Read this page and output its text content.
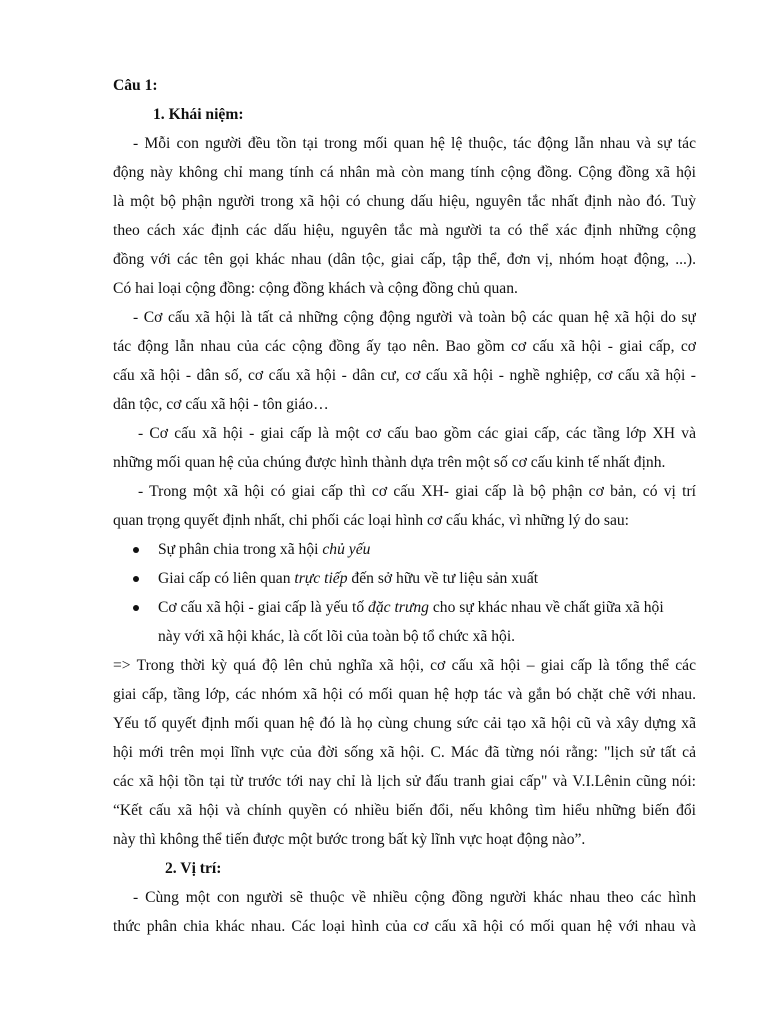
Câu 1:
1. Khái niệm:
- Mỗi con người đều tồn tại trong mối quan hệ lệ thuộc, tác động lẫn nhau và sự tác
động này không chỉ mang tính cá nhân mà còn mang tính cộng đồng. Cộng đồng xã hội
là một bộ phận người trong xã hội có chung dấu hiệu, nguyên tắc nhất định nào đó. Tuỳ
theo cách xác định các dấu hiệu, nguyên tắc mà người ta có thể xác định những cộng
đồng với các tên gọi khác nhau (dân tộc, giai cấp, tập thể, đơn vị, nhóm hoạt động, ...).
Có hai loại cộng đồng: cộng đồng khách và cộng đồng chủ quan.
- Cơ cấu xã hội là tất cả những cộng động người và toàn bộ các quan hệ xã hội do sự
tác động lẫn nhau của các cộng đồng ấy tạo nên. Bao gồm cơ cấu xã hội - giai cấp, cơ
cấu xã hội - dân số, cơ cấu xã hội - dân cư, cơ cấu xã hội - nghề nghiệp, cơ cấu xã hội -
dân tộc, cơ cấu xã hội - tôn giáo…
- Cơ cấu xã hội - giai cấp là một cơ cấu bao gồm các giai cấp, các tầng lớp XH và
những mối quan hệ của chúng được hình thành dựa trên một số cơ cấu kinh tế nhất định.
- Trong một xã hội có giai cấp thì cơ cấu XH- giai cấp là bộ phận cơ bản, có vị trí
quan trọng quyết định nhất, chi phối các loại hình cơ cấu khác, vì những lý do sau:
Sự phân chia trong xã hội chủ yếu
Giai cấp có liên quan trực tiếp đến sở hữu về tư liệu sản xuất
Cơ cấu xã hội - giai cấp là yếu tố đặc trưng cho sự khác nhau về chất giữa xã hội
này với xã hội khác, là cốt lõi của toàn bộ tổ chức xã hội.
=> Trong thời kỳ quá độ lên chủ nghĩa xã hội, cơ cấu xã hội – giai cấp là tổng thể các
giai cấp, tầng lớp, các nhóm xã hội có mối quan hệ hợp tác và gắn bó chặt chẽ với nhau.
Yếu tố quyết định mối quan hệ đó là họ cùng chung sức cải tạo xã hội cũ và xây dựng xã
hội mới trên mọi lĩnh vực của đời sống xã hội. C. Mác đã từng nói rằng: "lịch sử tất cả
các xã hội tồn tại từ trước tới nay chỉ là lịch sử đấu tranh giai cấp" và V.I.Lênin cũng nói:
“Kết cấu xã hội và chính quyền có nhiều biến đổi, nếu không tìm hiểu những biến đổi
này thì không thể tiến được một bước trong bất kỳ lĩnh vực hoạt động nào”.
2. Vị trí:
- Cùng một con người sẽ thuộc về nhiều cộng đồng người khác nhau theo các hình
thức phân chia khác nhau. Các loại hình của cơ cấu xã hội có mối quan hệ với nhau và
